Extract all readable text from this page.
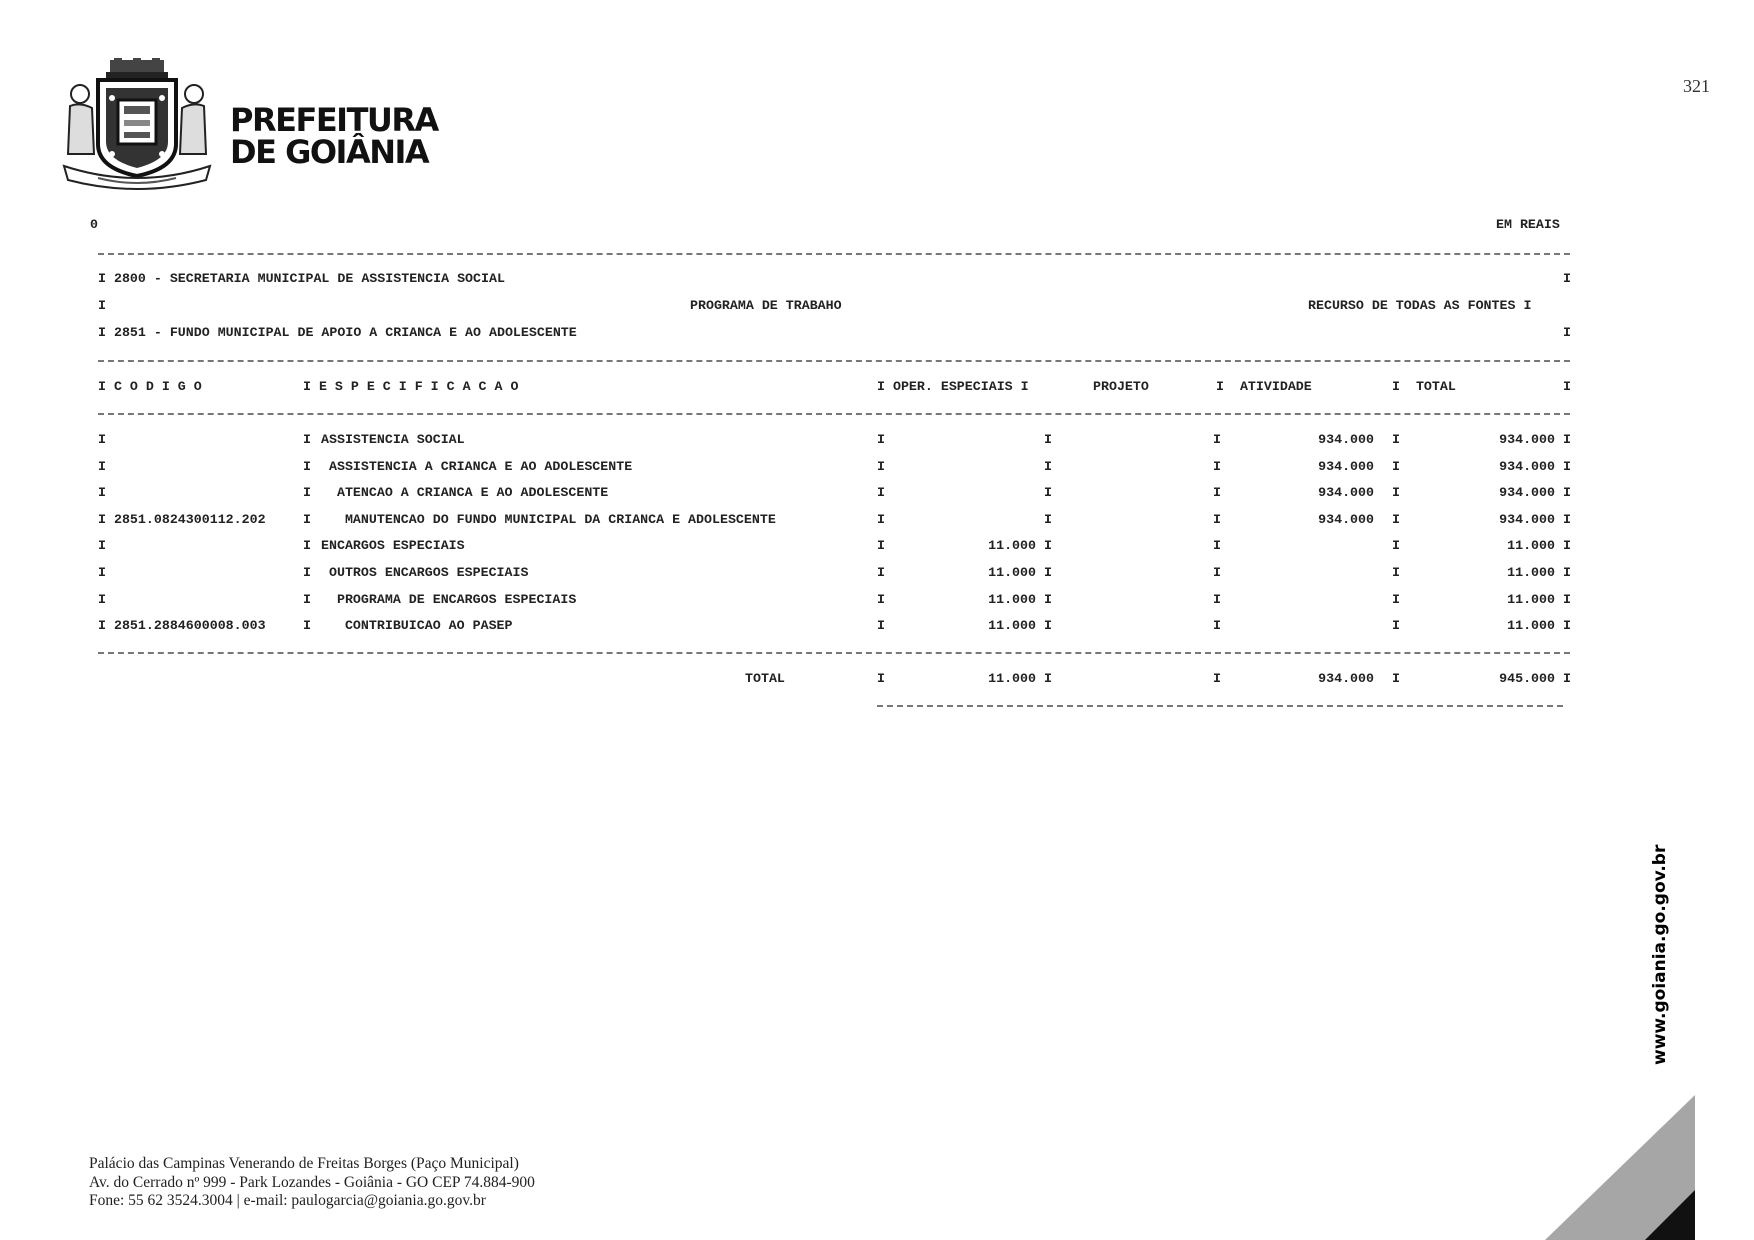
321
PREFEITURA
DE GOIÂNIA
0	EM REAIS
I 2800 - SECRETARIA MUNICIPAL DE ASSISTENCIA SOCIAL	I
I	PROGRAMA DE TRABAHO	RECURSO DE TODAS AS FONTES I
I 2851 - FUNDO MUNICIPAL DE APOIO A CRIANCA E AO ADOLESCENTE	I
I C O D I G O	I E S P E C I F I C A C A O	I OPER. ESPECIAIS I	PROJETO	I  ATIVIDADE	I  TOTAL	I
I	I ASSISTENCIA SOCIAL	I	I	I	934.000 I	934.000 I
I	I ASSISTENCIA A CRIANCA E AO ADOLESCENTE	I	I	I	934.000 I	934.000 I
I	I ATENCAO A CRIANCA E AO ADOLESCENTE	I	I	I	934.000 I	934.000 I
I 2851.0824300112.202	I MANUTENCAO DO FUNDO MUNICIPAL DA CRIANCA E ADOLESCENTE	I	I	I	934.000 I	934.000 I
I	I ENCARGOS ESPECIAIS	I	11.000 I	I	I	11.000 I
I	I OUTROS ENCARGOS ESPECIAIS	I	11.000 I	I	I	11.000 I
I	I PROGRAMA DE ENCARGOS ESPECIAIS	I	11.000 I	I	I	11.000 I
I 2851.2884600008.003	I CONTRIBUICAO AO PASEP	I	11.000 I	I	I	11.000 I
TOTAL	I	11.000 I	I	934.000 I	945.000 I
www.goiania.go.gov.br
Palácio das Campinas Venerando de Freitas Borges (Paço Municipal)
Av. do Cerrado nº 999 - Park Lozandes - Goiânia - GO CEP 74.884-900
Fone: 55 62 3524.3004 | e-mail: paulogarcia@goiania.go.gov.br
